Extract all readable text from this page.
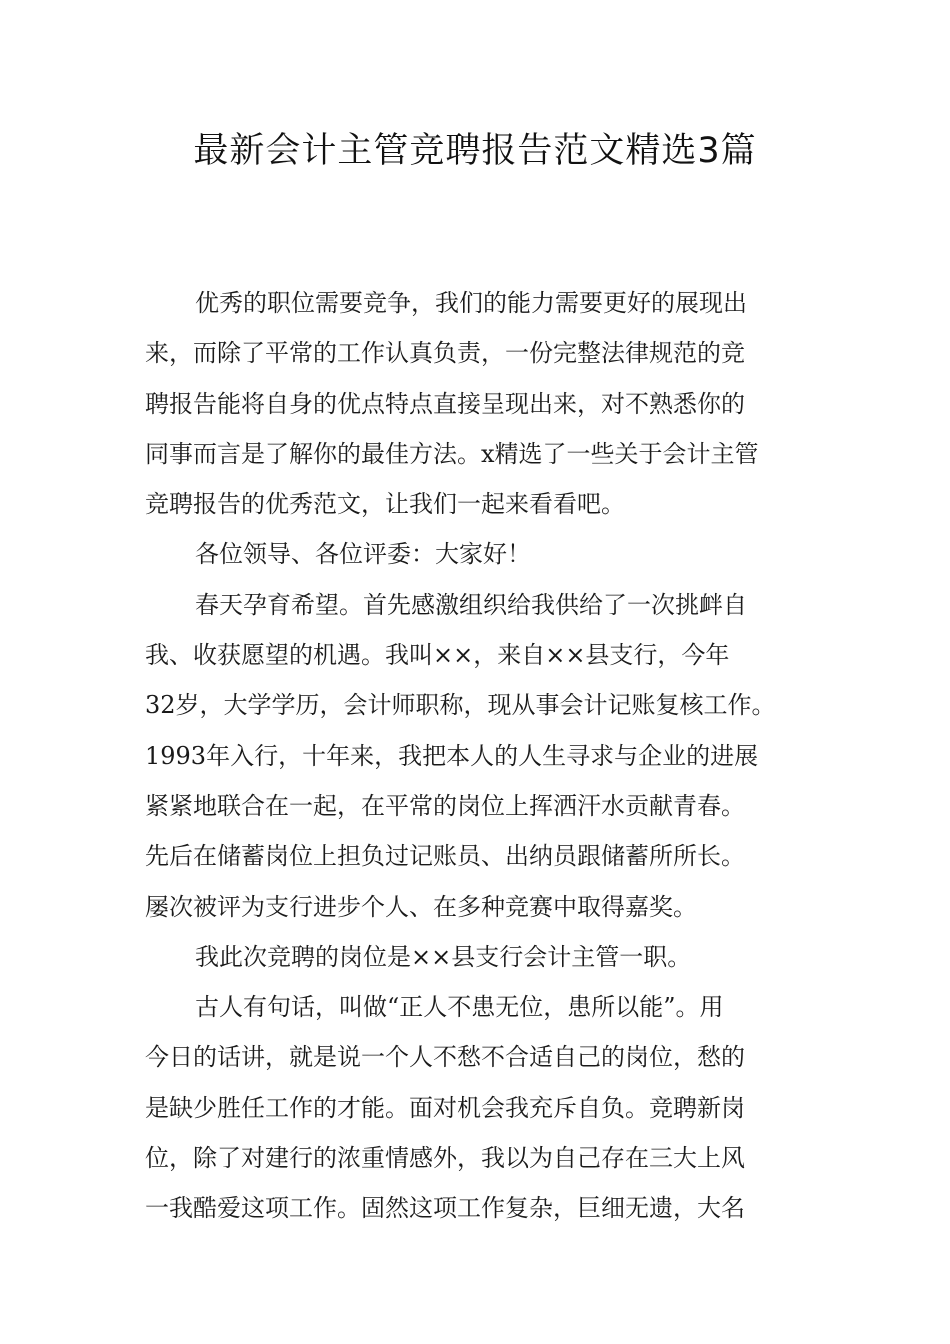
最新会计主管竞聘报告范文精选3篇
优秀的职位需要竞争，我们的能力需要更好的展现出
来，而除了平常的工作认真负责，一份完整法律规范的竞
聘报告能将自身的优点特点直接呈现出来，对不熟悉你的
同事而言是了解你的最佳方法。x精选了一些关于会计主管
竞聘报告的优秀范文，让我们一起来看看吧。
各位领导、各位评委：大家好！
春天孕育希望。首先感激组织给我供给了一次挑衅自
我、收获愿望的机遇。我叫××，来自××县支行，今年
32岁，大学学历，会计师职称，现从事会计记账复核工作。
1993年入行，十年来，我把本人的人生寻求与企业的进展
紧紧地联合在一起，在平常的岗位上挥洒汗水贡献青春。
先后在储蓄岗位上担负过记账员、出纳员跟储蓄所所长。
屡次被评为支行进步个人、在多种竞赛中取得嘉奖。
我此次竞聘的岗位是××县支行会计主管一职。
古人有句话，叫做“正人不患无位，患所以能”。用
今日的话讲，就是说一个人不愁不合适自己的岗位，愁的
是缺少胜任工作的才能。面对机会我充斥自负。竞聘新岗
位，除了对建行的浓重情感外，我以为自己存在三大上风
一我酷爱这项工作。固然这项工作复杂，巨细无遗，大名
